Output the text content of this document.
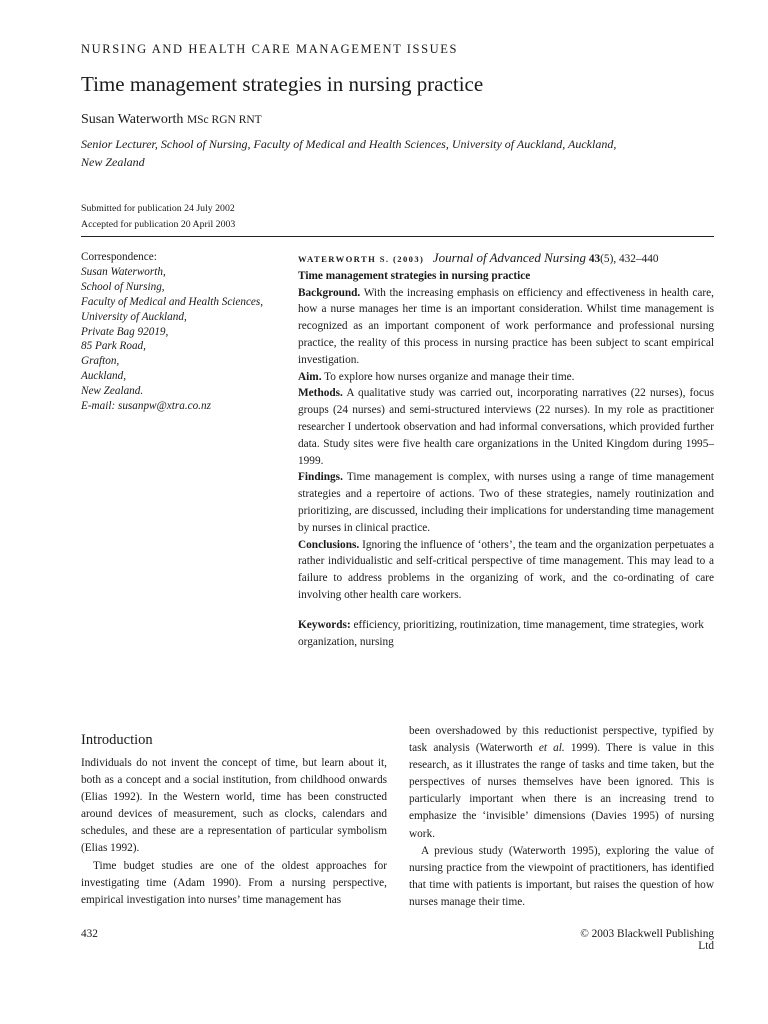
NURSING AND HEALTH CARE MANAGEMENT ISSUES
Time management strategies in nursing practice
Susan Waterworth MSc RGN RNT
Senior Lecturer, School of Nursing, Faculty of Medical and Health Sciences, University of Auckland, Auckland,
New Zealand
Submitted for publication 24 July 2002
Accepted for publication 20 April 2003
Correspondence:
Susan Waterworth,
School of Nursing,
Faculty of Medical and Health Sciences,
University of Auckland,
Private Bag 92019,
85 Park Road,
Grafton,
Auckland,
New Zealand.
E-mail: susanpw@xtra.co.nz

WATERWORTH S. (2003) Journal of Advanced Nursing 43(5), 432–440

Time management strategies in nursing practice

Background. With the increasing emphasis on efficiency and effectiveness in health care, how a nurse manages her time is an important consideration. Whilst time management is recognized as an important component of work performance and professional nursing practice, the reality of this process in nursing practice has been subject to scant empirical investigation.

Aim. To explore how nurses organize and manage their time.

Methods. A qualitative study was carried out, incorporating narratives (22 nurses), focus groups (24 nurses) and semi-structured interviews (22 nurses). In my role as practitioner researcher I undertook observation and had informal conversations, which provided further data. Study sites were five health care organizations in the United Kingdom during 1995–1999.

Findings. Time management is complex, with nurses using a range of time management strategies and a repertoire of actions. Two of these strategies, namely routinization and prioritizing, are discussed, including their implications for understanding time management by nurses in clinical practice.

Conclusions. Ignoring the influence of ‘others’, the team and the organization perpetuates a rather individualistic and self-critical perspective of time management. This may lead to a failure to address problems in the organizing of work, and the co-ordinating of care involving other health care workers.

Keywords: efficiency, prioritizing, routinization, time management, time strategies, work organization, nursing
Introduction

Individuals do not invent the concept of time, but learn about it, both as a concept and a social institution, from childhood onwards (Elias 1992). In the Western world, time has been constructed around devices of measurement, such as clocks, calendars and schedules, and these are a representation of particular symbolism (Elias 1992).

Time budget studies are one of the oldest approaches for investigating time (Adam 1990). From a nursing perspective, empirical investigation into nurses’ time management has

been overshadowed by this reductionist perspective, typified by task analysis (Waterworth et al. 1999). There is value in this research, as it illustrates the range of tasks and time taken, but the perspectives of nurses themselves have been ignored. This is particularly important when there is an increasing trend to emphasize the ‘invisible’ dimensions (Davies 1995) of nursing work.

A previous study (Waterworth 1995), exploring the value of nursing practice from the viewpoint of practitioners, has identified that time with patients is important, but raises the question of how nurses manage their time.

432	© 2003 Blackwell Publishing Ltd
